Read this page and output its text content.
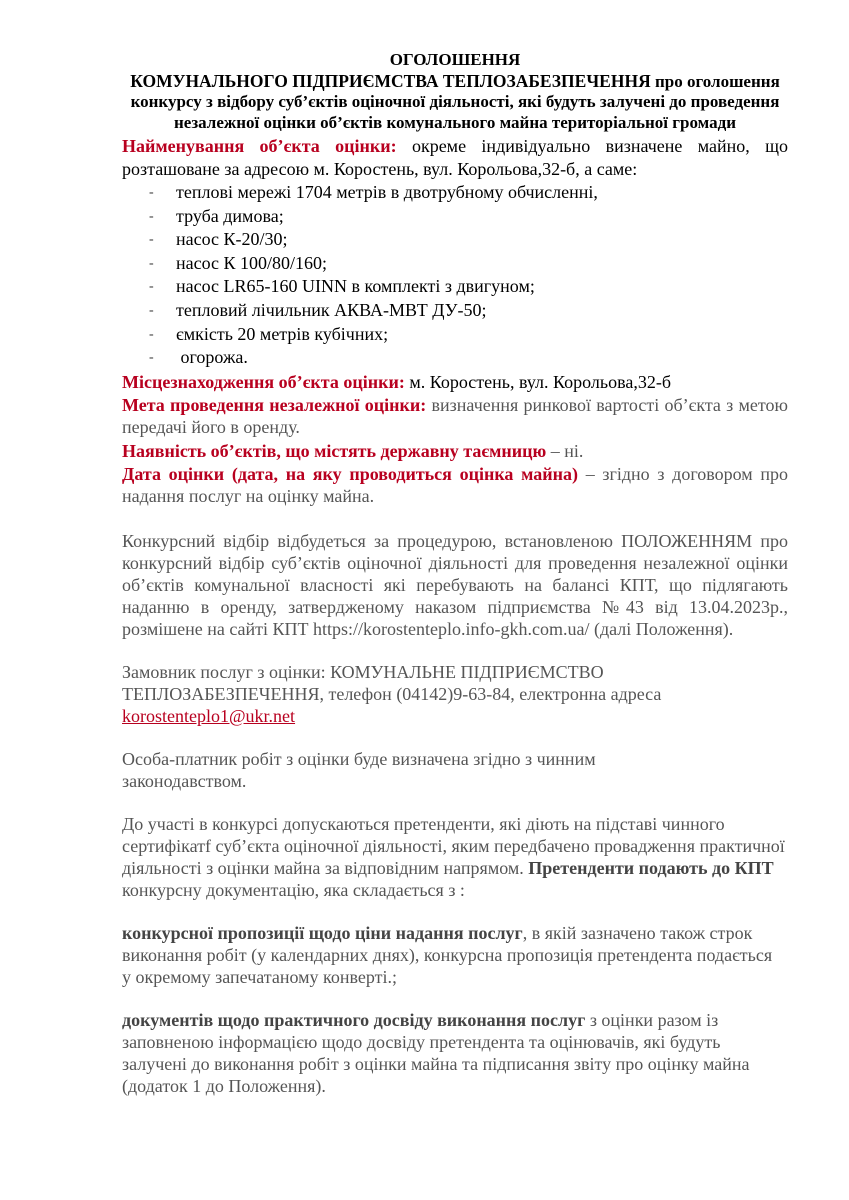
ОГОЛОШЕННЯ

КОМУНАЛЬНОГО ПІДПРИЄМСТВА ТЕПЛОЗАБЕЗПЕЧЕННЯ про оголошення конкурсу з відбору суб’єктів оціночної діяльності, які будуть залучені до проведення незалежної оцінки об’єктів комунального майна територіальної громади

Найменування об’єкта оцінки: окреме індивідуально визначене майно, що розташоване за адресою м. Коростень, вул. Корольова,32-б, а саме:

- теплові мережі 1704 метрів в двотрубному обчисленні,
- труба димова;
- насос К-20/30;
- насос К 100/80/160;
- насос LR65-160 UINN в комплекті з двигуном;
- тепловий лічильник АКВА-МВТ ДУ-50;
- ємкість 20 метрів кубічних;
- огорожа.

Місцезнаходження об’єкта оцінки: м. Коростень, вул. Корольова,32-б

Мета проведення незалежної оцінки: визначення ринкової вартості об’єкта з метою передачі його в оренду.

Наявність об’єктів, що містять державну таємницю – ні.

Дата оцінки (дата, на яку проводиться оцінка майна) – згідно з договором про надання послуг на оцінку майна.

Конкурсний відбір відбудеться за процедурою, встановленою ПОЛОЖЕННЯМ про конкурсний відбір суб’єктів оціночної діяльності для проведення незалежної оцінки об’єктів комунальної власності які перебувають на балансі КПТ, що підлягають наданню в оренду, затвердженому наказом підприємства №43 від 13.04.2023р., розмішене на сайті КПТ https://korostenteplo.info-gkh.com.ua/ (далі Положення).

Замовник послуг з оцінки: КОМУНАЛЬНЕ ПІДПРИЄМСТВО ТЕПЛОЗАБЕЗПЕЧЕННЯ, телефон (04142)9-63-84, електронна адреса korostenteplo1@ukr.net

Особа-платник робіт з оцінки буде визначена згідно з чинним законодавством.

До участі в конкурсі допускаються претенденти, які діють на підставі чинного сертифікатf суб’єкта оціночної діяльності, яким передбачено провадження практичної діяльності з оцінки майна за відповідним напрямом. Претенденти подають до КПТ конкурсну документацію, яка складається з :

конкурсної пропозиції щодо ціни надання послуг, в якій зазначено також строк виконання робіт (у календарних днях), конкурсна пропозиція претендента подається у окремому запечатаному конверті.;

документів щодо практичного досвіду виконання послуг з оцінки разом із заповненою інформацією щодо досвіду претендента та оцінювачів, які будуть залучені до виконання робіт з оцінки майна та підписання звіту про оцінку майна (додаток 1 до Положення).
